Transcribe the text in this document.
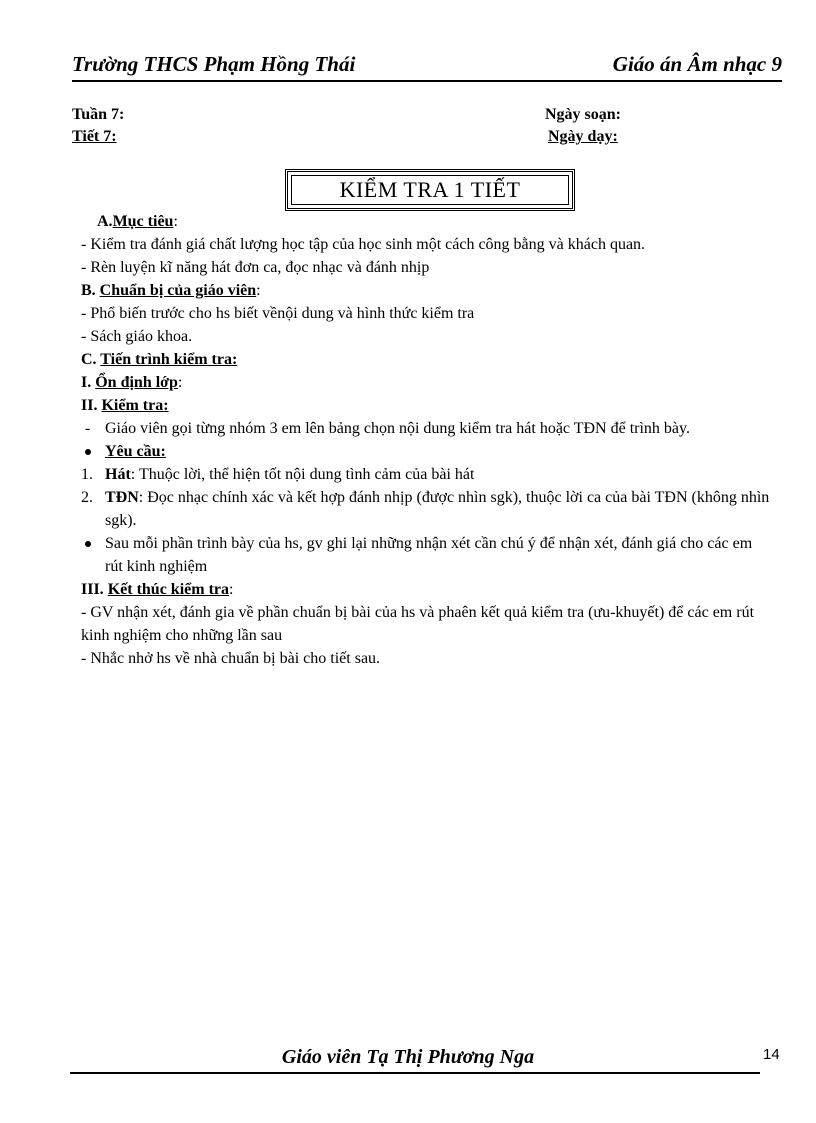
Trường THCS Phạm Hồng Thái	Giáo án Âm nhạc 9
Tuần 7:
Tiết 7:
Ngày soạn:
Ngày dạy:
KIỂM TRA 1 TIẾT
A.Mục tiêu:
- Kiểm tra đánh giá chất lượng học tập của học sinh một cách công bằng và khách quan.
- Rèn luyện kĩ năng hát đơn ca, đọc nhạc và đánh nhịp
B. Chuẩn bị của giáo viên:
- Phổ biến trước cho hs biết vềnội dung và hình thức kiểm tra
- Sách giáo khoa.
C. Tiến trình kiểm tra:
I. Ổn định lớp:
II. Kiểm tra:
- Giáo viên gọi từng nhóm 3 em lên bảng chọn nội dung kiểm tra hát hoặc TĐN để trình bày.
Yêu cầu:
1. Hát: Thuộc lời, thể hiện tốt nội dung tình cảm của bài hát
2. TĐN: Đọc nhạc chính xác và kết hợp đánh nhịp (được nhìn sgk), thuộc lời ca của bài TĐN (không nhìn sgk).
Sau mỗi phần trình bày của hs, gv ghi lại những nhận xét cần chú ý để nhận xét, đánh giá cho các em rút kinh nghiệm
III. Kết thúc kiểm tra:
- GV nhận xét, đánh gia về phần chuẩn bị bài của hs và phaên kết quả kiểm tra (ưu-khuyết) để các em rút kinh nghiệm cho những lần sau
- Nhắc nhở hs về nhà chuẩn bị bài cho tiết sau.
Giáo viên Tạ Thị Phương Nga	14
